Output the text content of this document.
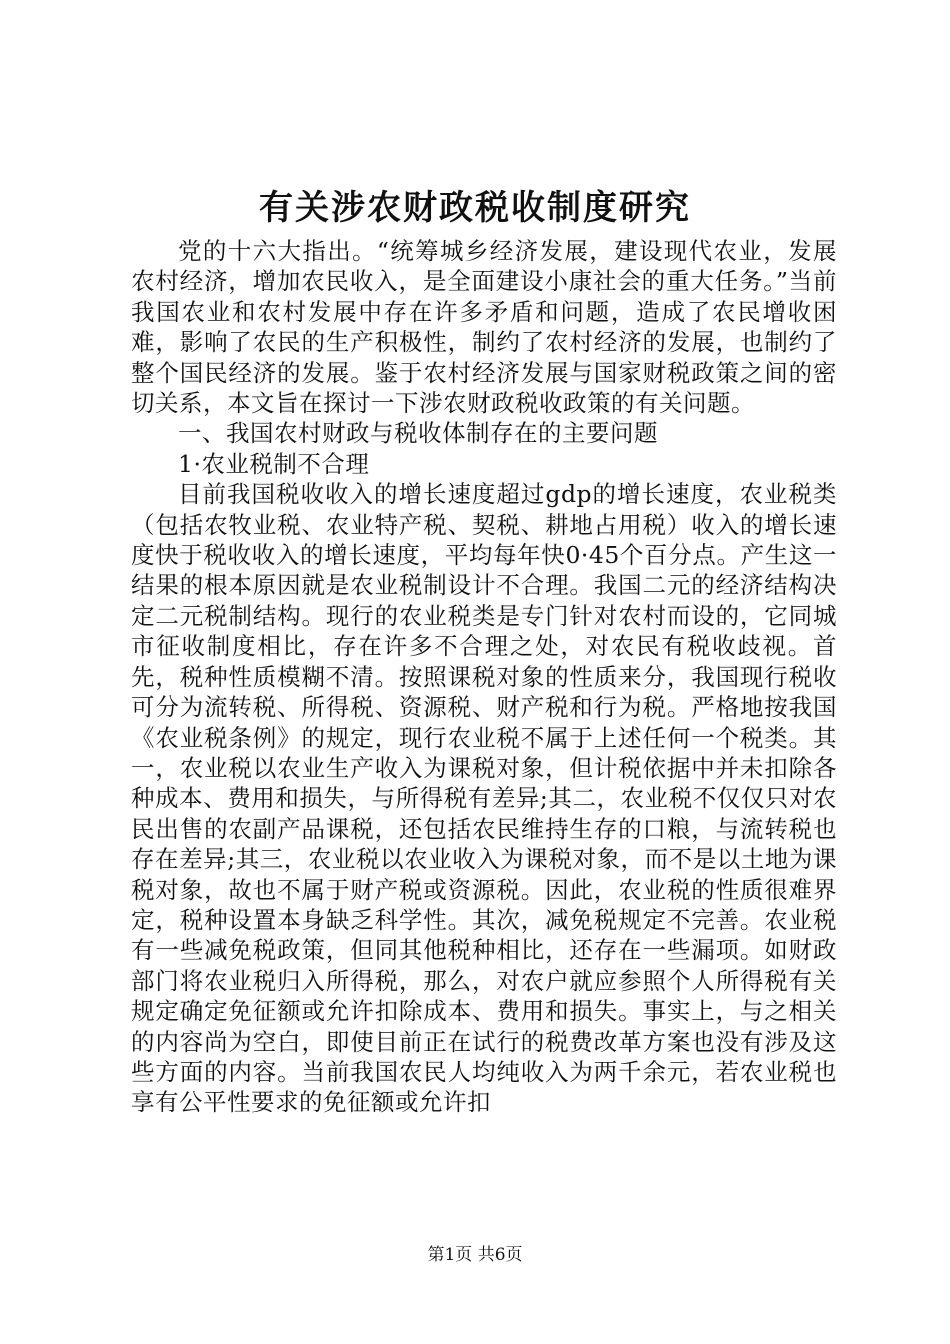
有关涉农财政税收制度研究

党的十六大指出。“统筹城乡经济发展，建设现代农业，发展农村经济，增加农民收入，是全面建设小康社会的重大任务。”当前我国农业和农村发展中存在许多矛盾和问题，造成了农民增收困难，影响了农民的生产积极性，制约了农村经济的发展，也制约了整个国民经济的发展。鉴于农村经济发展与国家财税政策之间的密切关系，本文旨在探讨一下涉农财政税收政策的有关问题。

一、我国农村财政与税收体制存在的主要问题

1·农业税制不合理

目前我国税收收入的增长速度超过gdp的增长速度，农业税类（包括农牧业税、农业特产税、契税、耕地占用税）收入的增长速度快于税收收入的增长速度，平均每年快0·45个百分点。产生这一结果的根本原因就是农业税制设计不合理。我国二元的经济结构决定二元税制结构。现行的农业税类是专门针对农村而设的，它同城市征收制度相比，存在许多不合理之处，对农民有税收歧视。首先，税种性质模糊不清。按照课税对象的性质来分，我国现行税收可分为流转税、所得税、资源税、财产税和行为税。严格地按我国《农业税条例》的规定，现行农业税不属于上述任何一个税类。其一，农业税以农业生产收入为课税对象，但计税依据中并未扣除各种成本、费用和损失，与所得税有差异;其二，农业税不仅仅只对农民出售的农副产品课税，还包括农民维持生存的口粮，与流转税也存在差异;其三，农业税以农业收入为课税对象，而不是以土地为课税对象，故也不属于财产税或资源税。因此，农业税的性质很难界定，税种设置本身缺乏科学性。其次，减免税规定不完善。农业税有一些减免税政策，但同其他税种相比，还存在一些漏项。如财政部门将农业税归入所得税，那么，对农户就应参照个人所得税有关规定确定免征额或允许扣除成本、费用和损失。事实上，与之相关的内容尚为空白，即使目前正在试行的税费改革方案也没有涉及这些方面的内容。当前我国农民人均纯收入为两千余元，若农业税也享有公平性要求的免征额或允许扣

第1页 共6页
